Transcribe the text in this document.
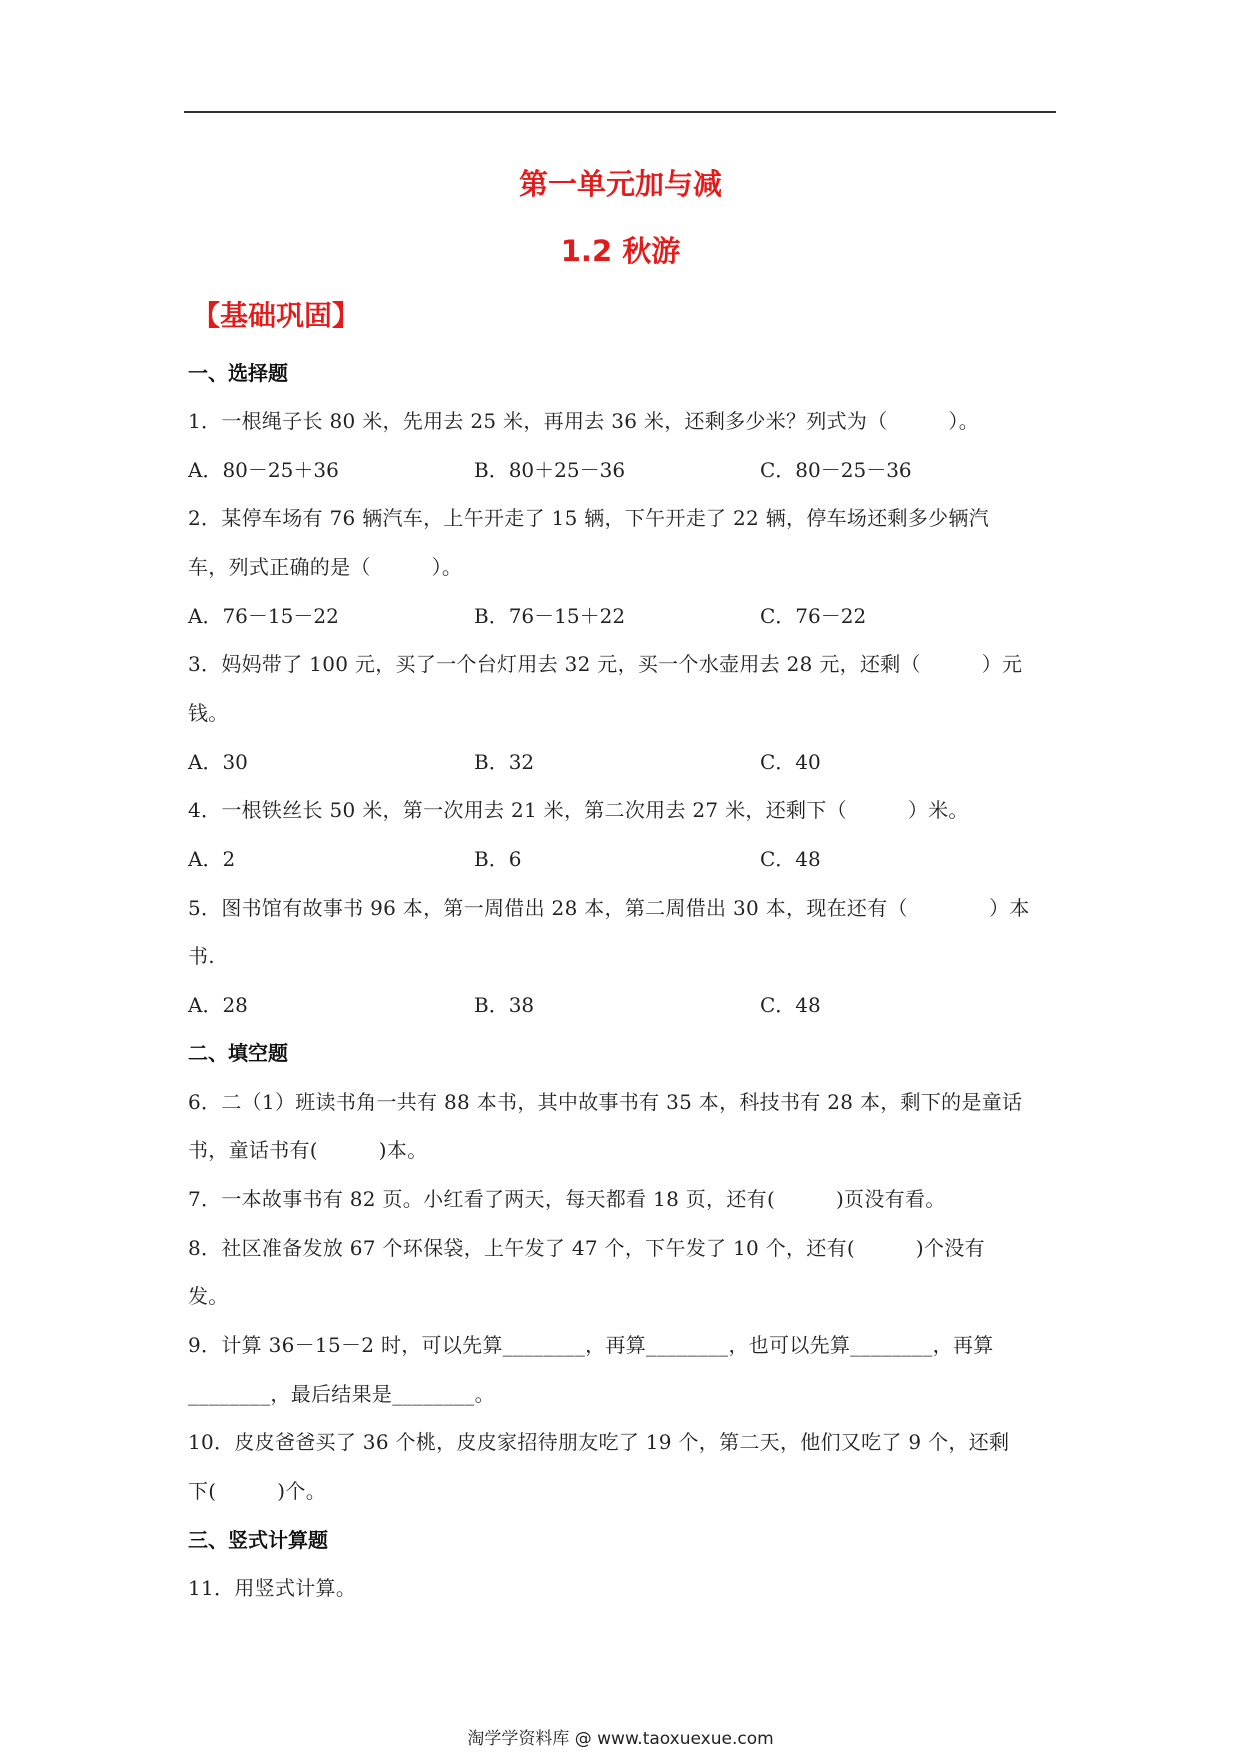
第一单元加与减
1.2 秋游
【基础巩固】
一、选择题
1．一根绳子长 80 米，先用去 25 米，再用去 36 米，还剩多少米？列式为（　　　）。
A．80－25＋36	B．80＋25－36	C．80－25－36
2．某停车场有 76 辆汽车，上午开走了 15 辆，下午开走了 22 辆，停车场还剩多少辆汽
车，列式正确的是（　　　）。
A．76－15－22	B．76－15＋22	C．76－22
3．妈妈带了 100 元，买了一个台灯用去 32 元，买一个水壶用去 28 元，还剩（　　　）元
钱。
A．30	B．32	C．40
4．一根铁丝长 50 米，第一次用去 21 米，第二次用去 27 米，还剩下（　　　）米。
A．2	B．6	C．48
5．图书馆有故事书 96 本，第一周借出 28 本，第二周借出 30 本，现在还有（　　　　）本
书.
A．28	B．38	C．48
二、填空题
6．二（1）班读书角一共有 88 本书，其中故事书有 35 本，科技书有 28 本，剩下的是童话
书，童话书有(　　　)本。
7．一本故事书有 82 页。小红看了两天，每天都看 18 页，还有(　　　)页没有看。
8．社区准备发放 67 个环保袋，上午发了 47 个，下午发了 10 个，还有(　　　)个没有
发。
9．计算 36－15－2 时，可以先算________，再算________，也可以先算________，再算
________，最后结果是________。
10．皮皮爸爸买了 36 个桃，皮皮家招待朋友吃了 19 个，第二天，他们又吃了 9 个，还剩
下(　　　)个。
三、竖式计算题
11．用竖式计算。
淘学学资料库 @ www.taoxuexue.com
